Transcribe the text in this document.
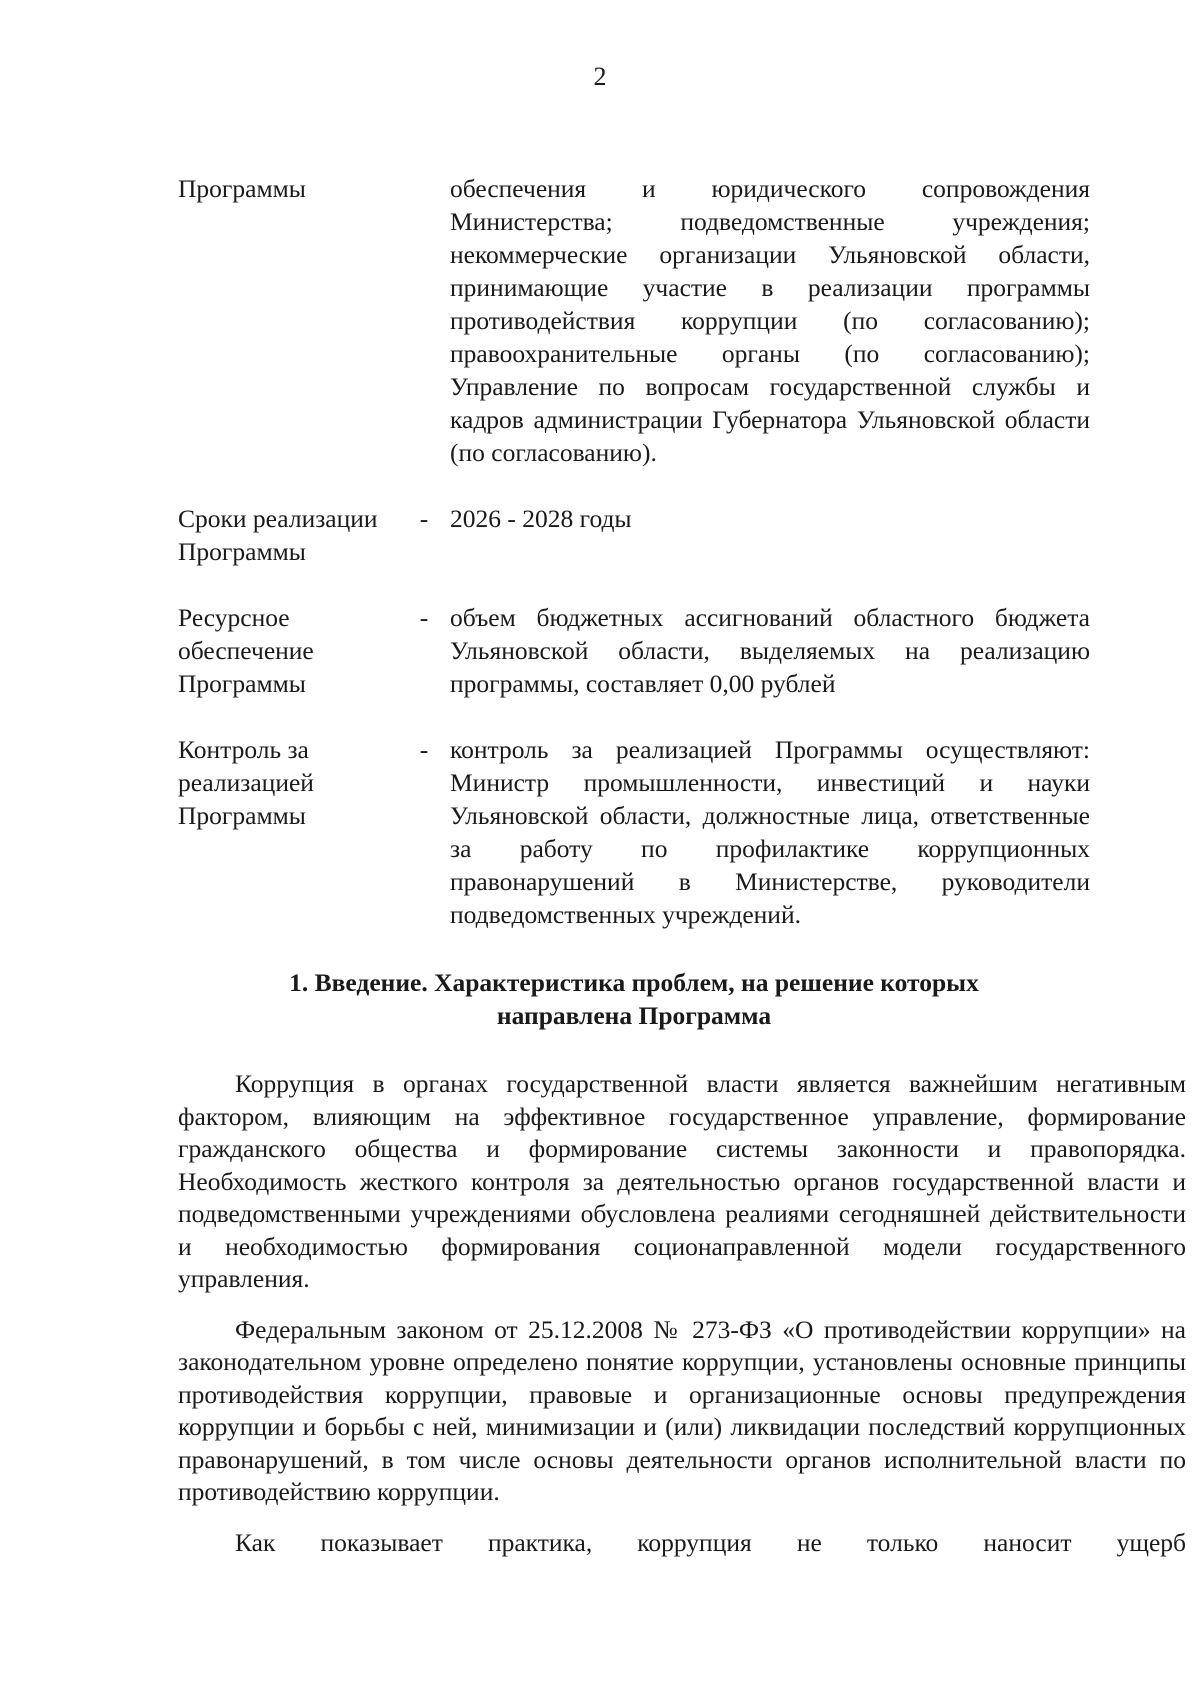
2
Программы	обеспечения и юридического сопровождения Министерства; подведомственные учреждения; некоммерческие организации Ульяновской области, принимающие участие в реализации программы противодействия коррупции (по согласованию); правоохранительные органы (по согласованию); Управление по вопросам государственной службы и кадров администрации Губернатора Ульяновской области (по согласованию).
Сроки реализации Программы
- 2026 - 2028 годы
Ресурсное обеспечение Программы
- объем бюджетных ассигнований областного бюджета Ульяновской области, выделяемых на реализацию программы, составляет 0,00 рублей
Контроль за реализацией Программы
- контроль за реализацией Программы осуществляют: Министр промышленности, инвестиций и науки Ульяновской области, должностные лица, ответственные за работу по профилактике коррупционных правонарушений в Министерстве, руководители подведомственных учреждений.
1. Введение. Характеристика проблем, на решение которых
направлена Программа

Коррупция в органах государственной власти является важнейшим негативным фактором, влияющим на эффективное государственное управление, формирование гражданского общества и формирование системы законности и правопорядка. Необходимость жесткого контроля за деятельностью органов государственной власти и подведомственными учреждениями обусловлена реалиями сегодняшней действительности и необходимостью формирования соционаправленной модели государственного управления.

Федеральным законом от 25.12.2008 № 273-ФЗ «О противодействии коррупции» на законодательном уровне определено понятие коррупции, установлены основные принципы противодействия коррупции, правовые и организационные основы предупреждения коррупции и борьбы с ней, минимизации и (или) ликвидации последствий коррупционных правонарушений, в том числе основы деятельности органов исполнительной власти по противодействию коррупции.

Как показывает практика, коррупция не только наносит ущерб
